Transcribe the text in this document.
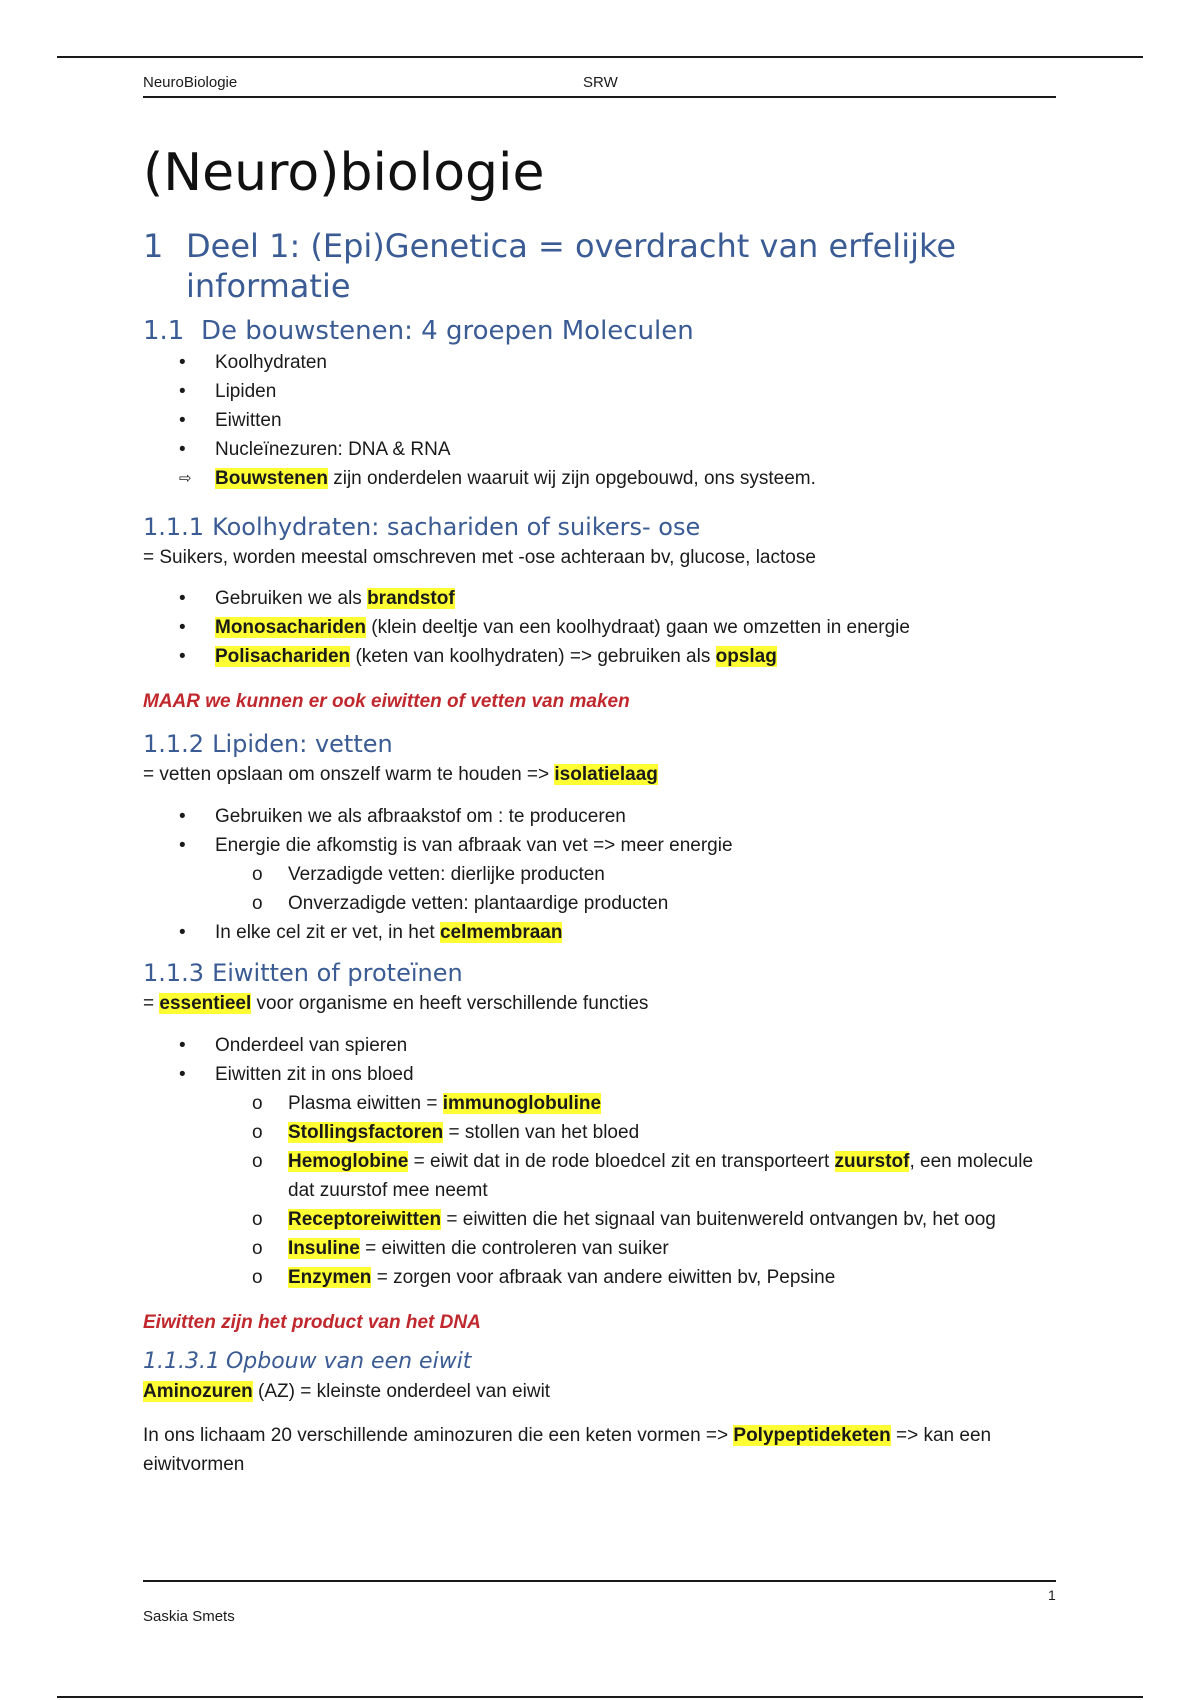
NeuroBiologie	SRW
(Neuro)biologie
1 Deel 1: (Epi)Genetica = overdracht van erfelijke informatie
1.1 De bouwstenen: 4 groepen Moleculen
• Koolhydraten
• Lipiden
• Eiwitten
• Nucleïnezuren: DNA & RNA
⇨ Bouwstenen zijn onderdelen waaruit wij zijn opgebouwd, ons systeem.
1.1.1 Koolhydraten: sachariden of suikers- ose

= Suikers, worden meestal omschreven met -ose achteraan bv, glucose, lactose

• Gebruiken we als brandstof
• Monosachariden (klein deeltje van een koolhydraat) gaan we omzetten in energie
• Polisachariden (keten van koolhydraten) => gebruiken als opslag

MAAR we kunnen er ook eiwitten of vetten van maken

1.1.2 Lipiden: vetten

= vetten opslaan om onszelf warm te houden => isolatielaag

• Gebruiken we als afbraakstof om : te produceren
• Energie die afkomstig is van afbraak van vet => meer energie
o Verzadigde vetten: dierlijke producten
o Onverzadigde vetten: plantaardige producten
• In elke cel zit er vet, in het celmembraan
1.1.3 Eiwitten of proteïnen

= essentieel voor organisme en heeft verschillende functies

• Onderdeel van spieren
• Eiwitten zit in ons bloed
o Plasma eiwitten = immunoglobuline
o Stollingsfactoren = stollen van het bloed
o Hemoglobine = eiwit dat in de rode bloedcel zit en transporteert zuurstof, een molecule dat zuurstof mee neemt
o Receptoreiwitten = eiwitten die het signaal van buitenwereld ontvangen bv, het oog
o Insuline = eiwitten die controleren van suiker
o Enzymen = zorgen voor afbraak van andere eiwitten bv, Pepsine

Eiwitten zijn het product van het DNA

1.1.3.1 Opbouw van een eiwit

Aminozuren (AZ) = kleinste onderdeel van eiwit

In ons lichaam 20 verschillende aminozuren die een keten vormen => Polypeptideketen => kan een eiwitvormen

1
Saskia Smets
